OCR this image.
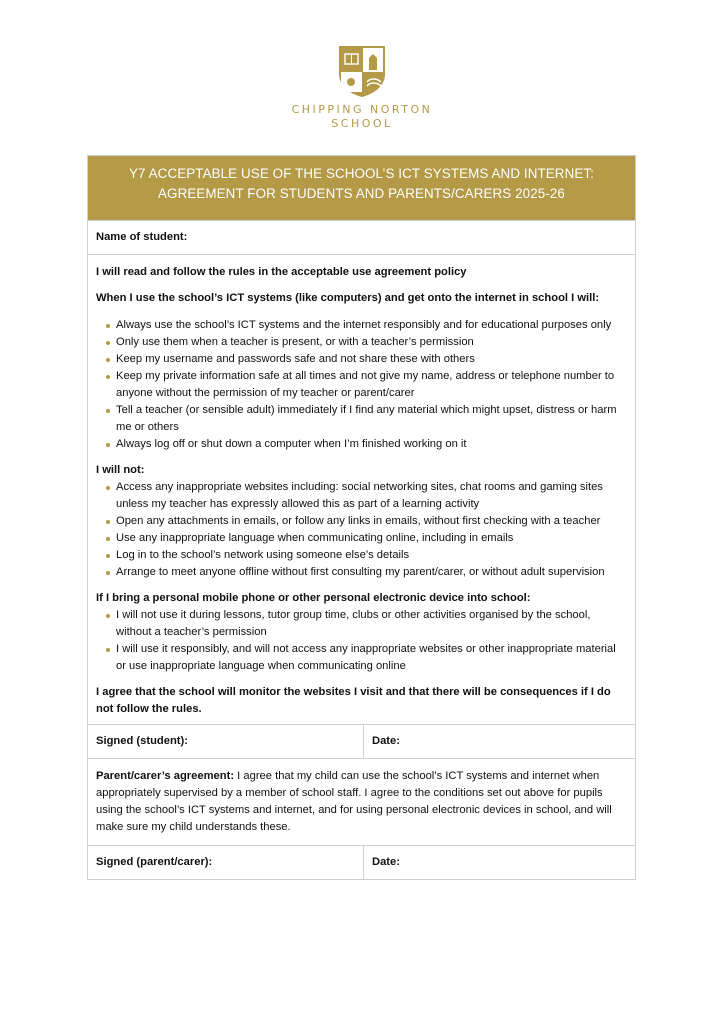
CHIPPING NORTON
SCHOOL
Y7 ACCEPTABLE USE OF THE SCHOOL’S ICT SYSTEMS AND INTERNET:
AGREEMENT FOR STUDENTS AND PARENTS/CARERS 2025-26
Name of student:

I will read and follow the rules in the acceptable use agreement policy

When I use the school’s ICT systems (like computers) and get onto the internet in school I will:

Always use the school’s ICT systems and the internet responsibly and for educational purposes only
Only use them when a teacher is present, or with a teacher’s permission
Keep my username and passwords safe and not share these with others
Keep my private information safe at all times and not give my name, address or telephone number to anyone without the permission of my teacher or parent/carer
Tell a teacher (or sensible adult) immediately if I find any material which might upset, distress or harm me or others
Always log off or shut down a computer when I’m finished working on it

I will not:

Access any inappropriate websites including: social networking sites, chat rooms and gaming sites unless my teacher has expressly allowed this as part of a learning activity
Open any attachments in emails, or follow any links in emails, without first checking with a teacher
Use any inappropriate language when communicating online, including in emails
Log in to the school’s network using someone else’s details
Arrange to meet anyone offline without first consulting my parent/carer, or without adult supervision

If I bring a personal mobile phone or other personal electronic device into school:

I will not use it during lessons, tutor group time, clubs or other activities organised by the school, without a teacher’s permission
I will use it responsibly, and will not access any inappropriate websites or other inappropriate material or use inappropriate language when communicating online

I agree that the school will monitor the websites I visit and that there will be consequences if I do not follow the rules.

Signed (student):	Date:

Parent/carer’s agreement: I agree that my child can use the school’s ICT systems and internet when appropriately supervised by a member of school staff. I agree to the conditions set out above for pupils using the school’s ICT systems and internet, and for using personal electronic devices in school, and will make sure my child understands these.

Signed (parent/carer):	Date:
